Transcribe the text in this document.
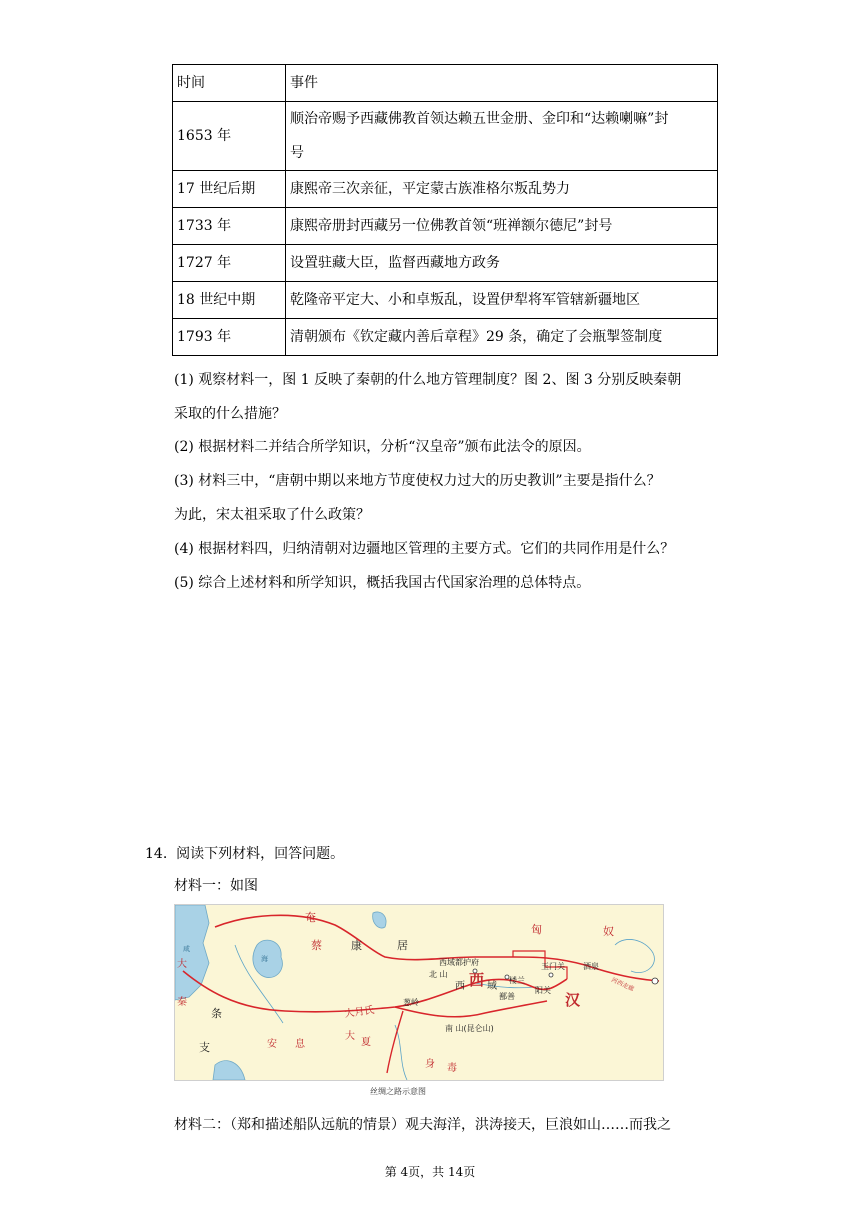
时间	事件
1653 年	顺治帝赐予西藏佛教首领达赖五世金册、金印和“达赖喇嘛”封
号
17 世纪后期	康熙帝三次亲征，平定蒙古族准格尔叛乱势力
1733 年	康熙帝册封西藏另一位佛教首领“班禅额尔德尼”封号
1727 年	设置驻藏大臣，监督西藏地方政务
18 世纪中期	乾隆帝平定大、小和卓叛乱，设置伊犁将军管辖新疆地区
1793 年	清朝颁布《钦定藏内善后章程》29 条，确定了会瓶掣签制度
(1) 观察材料一，图 1 反映了秦朝的什么地方管理制度？图 2、图 3 分别反映秦朝
采取的什么措施？
(2) 根据材料二并结合所学知识，分析“汉皇帝”颁布此法令的原因。
(3) 材料三中，“唐朝中期以来地方节度使权力过大的历史教训”主要是指什么？
为此，宋太祖采取了什么政策？
(4) 根据材料四，归纳清朝对边疆地区管理的主要方式。它们的共同作用是什么？
(5) 综合上述材料和所学知识，概括我国古代国家治理的总体特点。
14. 阅读下列材料，回答问题。
材料一：如图
奄
蔡	康	居
匈	奴
大
秦
条
支	安 息
大月氏
大
夏
葱岭
西 西 域
汉
西域都护府
北 山
楼兰
玉门关 酒泉
阳关
鄯善
南 山(昆仑山)
河西走廊
身 毒
咸
海
丝绸之路示意图
材料二：（郑和描述船队远航的情景）观夫海洋，洪涛接天，巨浪如山……而我之
第 4页，共 14页
